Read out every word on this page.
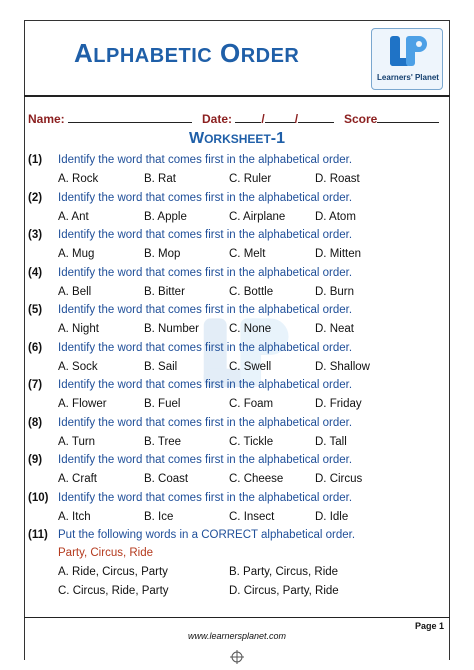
ALPHABETIC ORDER
Learners' Planet
Name:	Date: /	/	Score
WORKSHEET-1
(1) Identify the word that comes first in the alphabetical order.
A. Rock	B. Rat	C. Ruler	D. Roast
(2) Identify the word that comes first in the alphabetical order.
A. Ant	B. Apple	C. Airplane	D. Atom
(3) Identify the word that comes first in the alphabetical order.
A. Mug	B. Mop	C. Melt	D. Mitten
(4) Identify the word that comes first in the alphabetical order.
A. Bell	B. Bitter	C. Bottle	D. Burn
(5) Identify the word that comes first in the alphabetical order.
A. Night	B. Number	C. None	D. Neat
(6) Identify the word that comes first in the alphabetical order.
A. Sock	B. Sail	C. Swell	D. Shallow
(7) Identify the word that comes first in the alphabetical order.
A. Flower	B. Fuel	C. Foam	D. Friday
(8) Identify the word that comes first in the alphabetical order.
A. Turn	B. Tree	C. Tickle	D. Tall
(9) Identify the word that comes first in the alphabetical order.
A. Craft	B. Coast	C. Cheese	D. Circus
(10) Identify the word that comes first in the alphabetical order.
A. Itch	B. Ice	C. Insect	D. Idle
(11) Put the following words in a CORRECT alphabetical order.
Party, Circus, Ride
A. Ride, Circus, Party	B. Party, Circus, Ride
C. Circus, Ride, Party	D. Circus, Party, Ride
Page 1
www.learnersplanet.com
